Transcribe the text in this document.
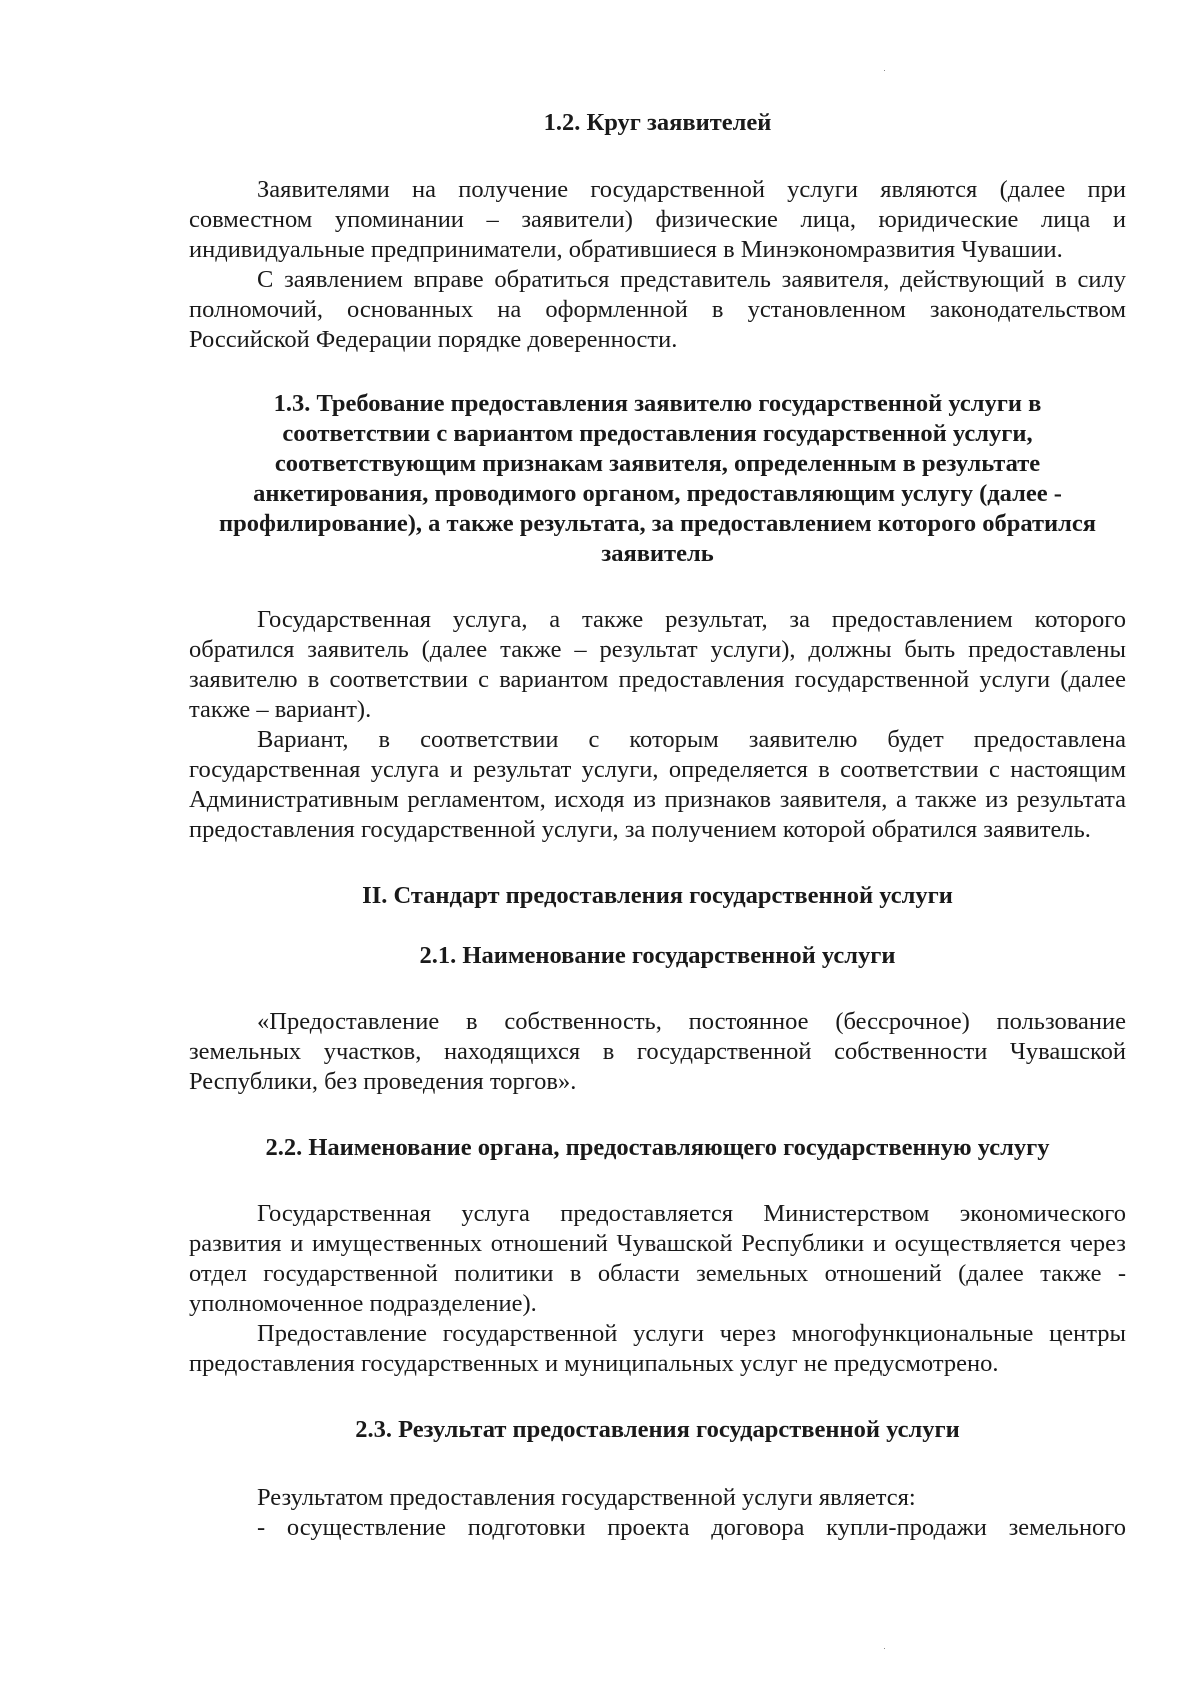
1.2. Круг заявителей

Заявителями на получение государственной услуги являются (далее при совместном упоминании – заявители) физические лица, юридические лица и индивидуальные предприниматели, обратившиеся в Минэкономразвития Чувашии.

С заявлением вправе обратиться представитель заявителя, действующий в силу полномочий, основанных на оформленной в установленном законодательством Российской Федерации порядке доверенности.

1.3. Требование предоставления заявителю государственной услуги в соответствии с вариантом предоставления государственной услуги, соответствующим признакам заявителя, определенным в результате анкетирования, проводимого органом, предоставляющим услугу (далее - профилирование), а также результата, за предоставлением которого обратился заявитель

Государственная услуга, а также результат, за предоставлением которого обратился заявитель (далее также – результат услуги), должны быть предоставлены заявителю в соответствии с вариантом предоставления государственной услуги (далее также – вариант).

Вариант, в соответствии с которым заявителю будет предоставлена государственная услуга и результат услуги, определяется в соответствии с настоящим Административным регламентом, исходя из признаков заявителя, а также из результата предоставления государственной услуги, за получением которой обратился заявитель.

II. Стандарт предоставления государственной услуги
2.1. Наименование государственной услуги

«Предоставление в собственность, постоянное (бессрочное) пользование земельных участков, находящихся в государственной собственности Чувашской Республики, без проведения торгов».

2.2. Наименование органа, предоставляющего государственную услугу

Государственная услуга предоставляется Министерством экономического развития и имущественных отношений Чувашской Республики и осуществляется через отдел государственной политики в области земельных отношений (далее также - уполномоченное подразделение).

Предоставление государственной услуги через многофункциональные центры предоставления государственных и муниципальных услуг не предусмотрено.

2.3. Результат предоставления государственной услуги

Результатом предоставления государственной услуги является:

- осуществление подготовки проекта договора купли-продажи земельного
